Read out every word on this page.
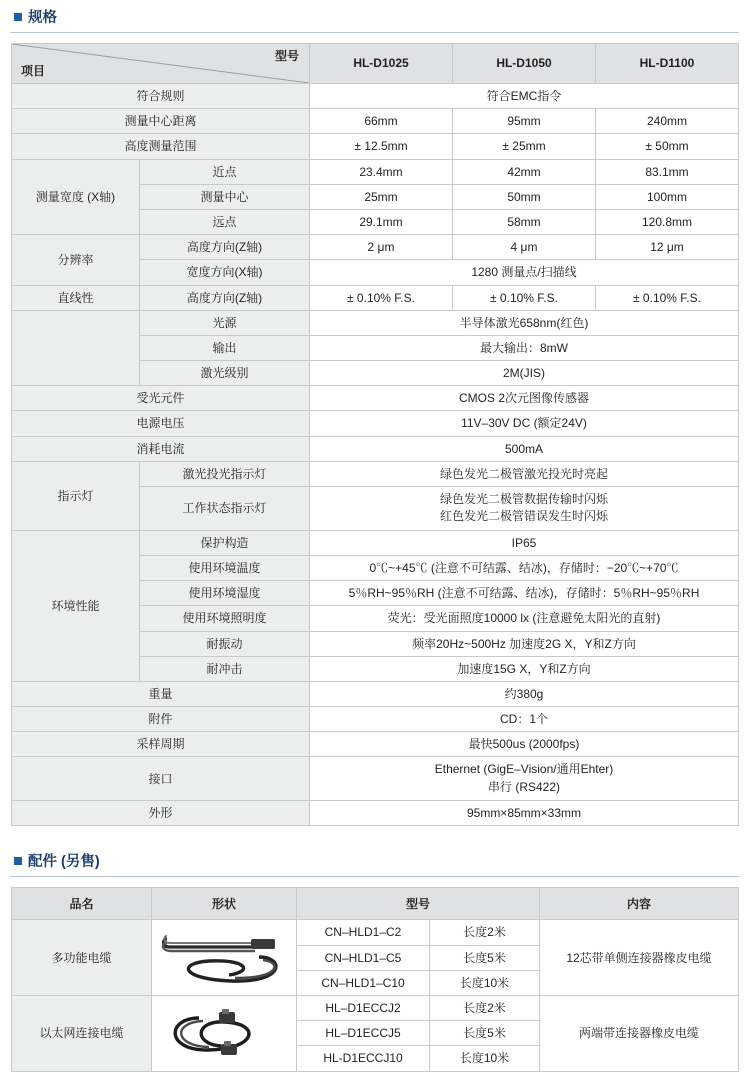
规格
项目
型号		HL-D1025	HL-D1050	HL-D1100
符合规则		符合EMC指令		
测量中心距离		66mm	95mm	240mm
高度测量范围		± 12.5mm	± 25mm	± 50mm
测量宽度 (X轴)	近点	23.4mm	42mm	83.1mm
	测量中心	25mm	50mm	100mm
	远点	29.1mm	58mm	120.8mm
分辨率	高度方向(Z轴)	2 μm	4 μm	12 μm
	宽度方向(X轴)	1280 测量点/扫描线		
直线性	高度方向(Z轴)	± 0.10% F.S.	± 0.10% F.S.	± 0.10% F.S.
	光源	半导体激光658nm(红色)		
	输出	最大输出：8mW		
	激光级别	2M(JIS)		
受光元件		CMOS 2次元图像传感器		
电源电压		11V–30V DC (额定24V)		
消耗电流		500mA		
指示灯	激光投光指示灯	绿色发光二极管激光投光时亮起		
	工作状态指示灯	绿色发光二极管数据传输时闪烁
红色发光二极管错误发生时闪烁		

环境性能	保护构造	IP65		
	使用环境温度	0℃~+45℃ (注意不可结露、结冰)，存储时：−20℃~+70℃		
	使用环境湿度	5％RH~95％RH (注意不可结露、结冰)，存储时：5％RH~95％RH		
	使用环境照明度	荧光：受光面照度10000 lx (注意避免太阳光的直射)		
	耐振动	频率20Hz~500Hz 加速度2G X，Y和Z方向		
	耐冲击	加速度15G X，Y和Z方向		
重量		约380g		
附件		CD：1个		
采样周期		最快500us (2000fps)		
接口		Ethernet (GigE–Vision/通用Ehter)
串行 (RS422)		

外形		95mm×85mm×33mm		
配件 (另售)
品名	形状	型号		内容
多功能电缆		CN–HLD1–C2	长度2米	12芯带单侧连接器橡皮电缆
		CN–HLD1–C5	长度5米	
		CN–HLD1–C10	长度10米	
以太网连接电缆		HL–D1ECCJ2	长度2米	两端带连接器橡皮电缆
		HL–D1ECCJ5	长度5米	
		HL-D1ECCJ10	长度10米	
